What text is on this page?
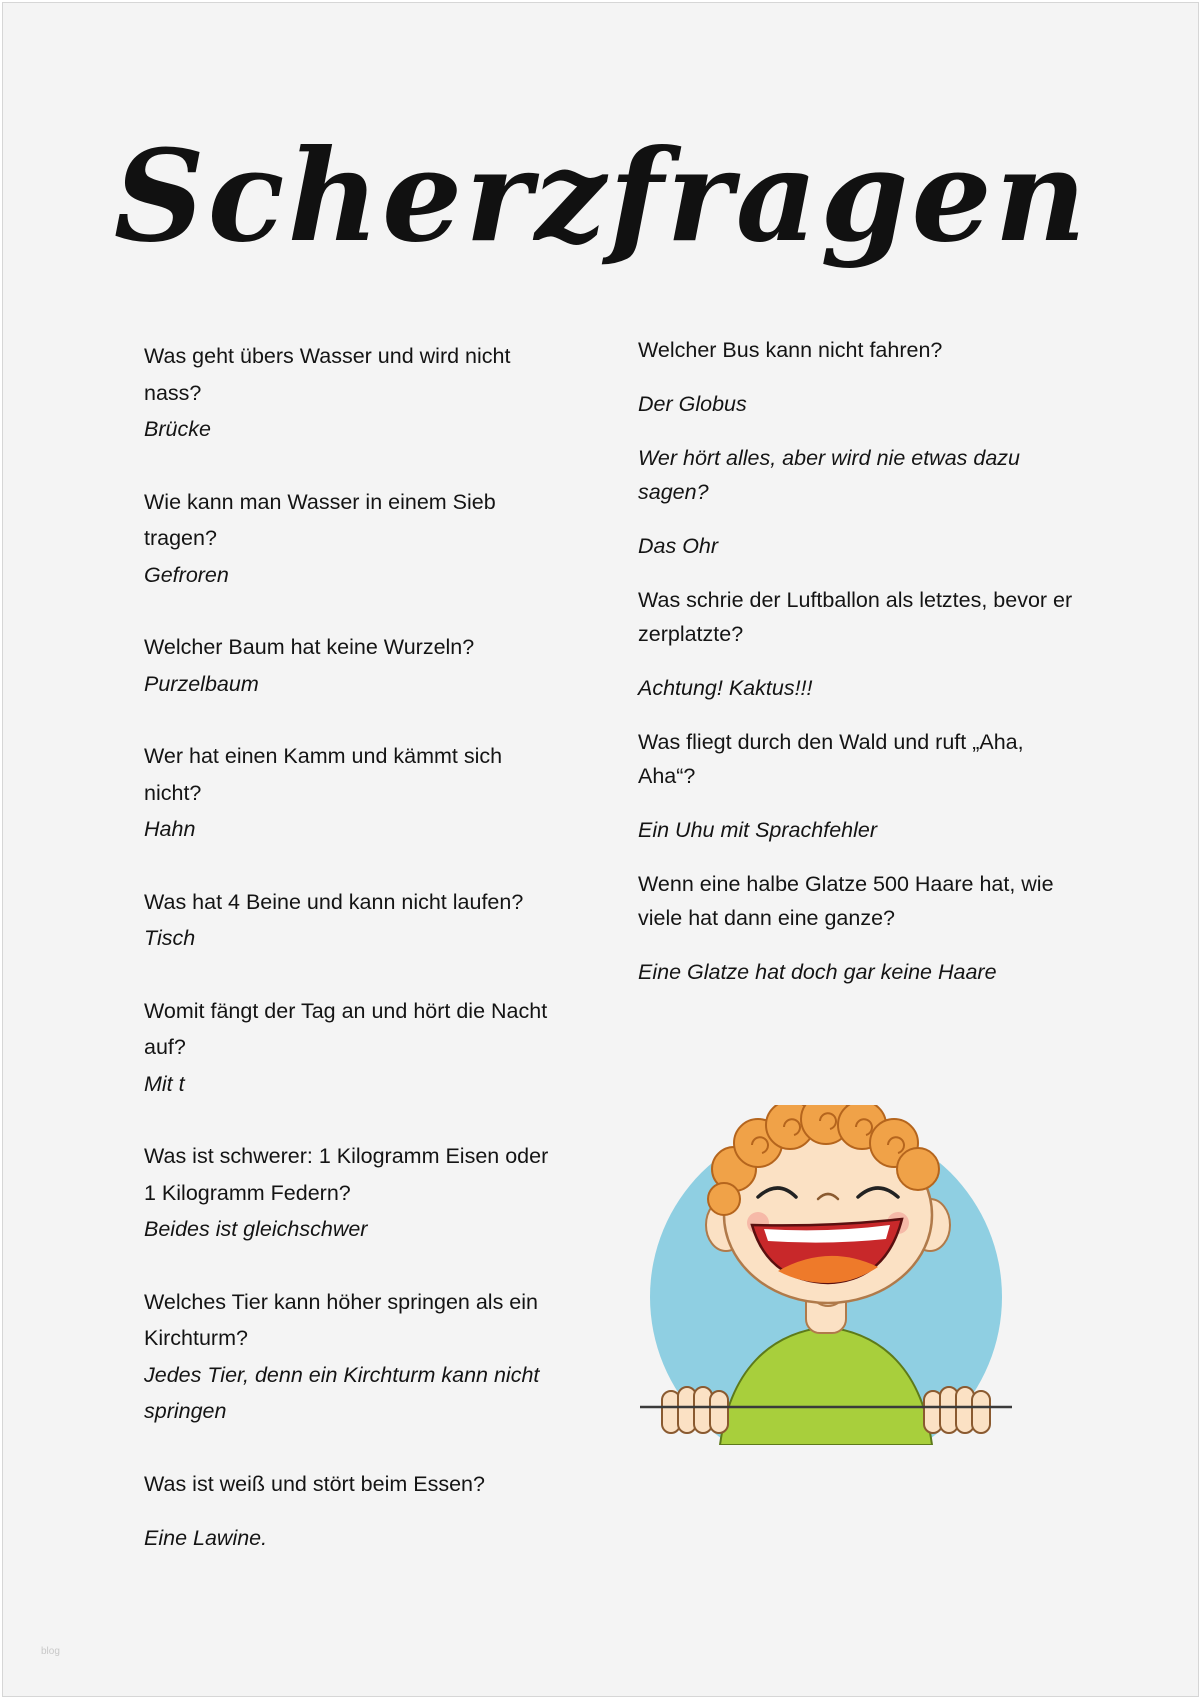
Scherzfragen
Was geht übers Wasser und wird nicht nass?
Brücke
Wie kann man Wasser in einem Sieb tragen?
Gefroren
Welcher Baum hat keine Wurzeln?
Purzelbaum
Wer hat einen Kamm und kämmt sich nicht?
Hahn
Was hat 4 Beine und kann nicht laufen?
Tisch
Womit fängt der Tag an und hört die Nacht auf?
Mit t
Was ist schwerer: 1 Kilogramm Eisen oder 1 Kilogramm Federn?
Beides ist gleichschwer
Welches Tier kann höher springen als ein Kirchturm?
Jedes Tier, denn ein Kirchturm kann nicht springen
Was ist weiß und stört beim Essen?
Eine Lawine.
Welcher Bus kann nicht fahren?
Der Globus
Wer hört alles, aber wird nie etwas dazu sagen?
Das Ohr
Was schrie der Luftballon als letztes, bevor er zerplatzte?
Achtung! Kaktus!!!
Was fliegt durch den Wald und ruft „Aha, Aha“?
Ein Uhu mit Sprachfehler
Wenn eine halbe Glatze 500 Haare hat, wie viele hat dann eine ganze?
Eine Glatze hat doch gar keine Haare
blog
